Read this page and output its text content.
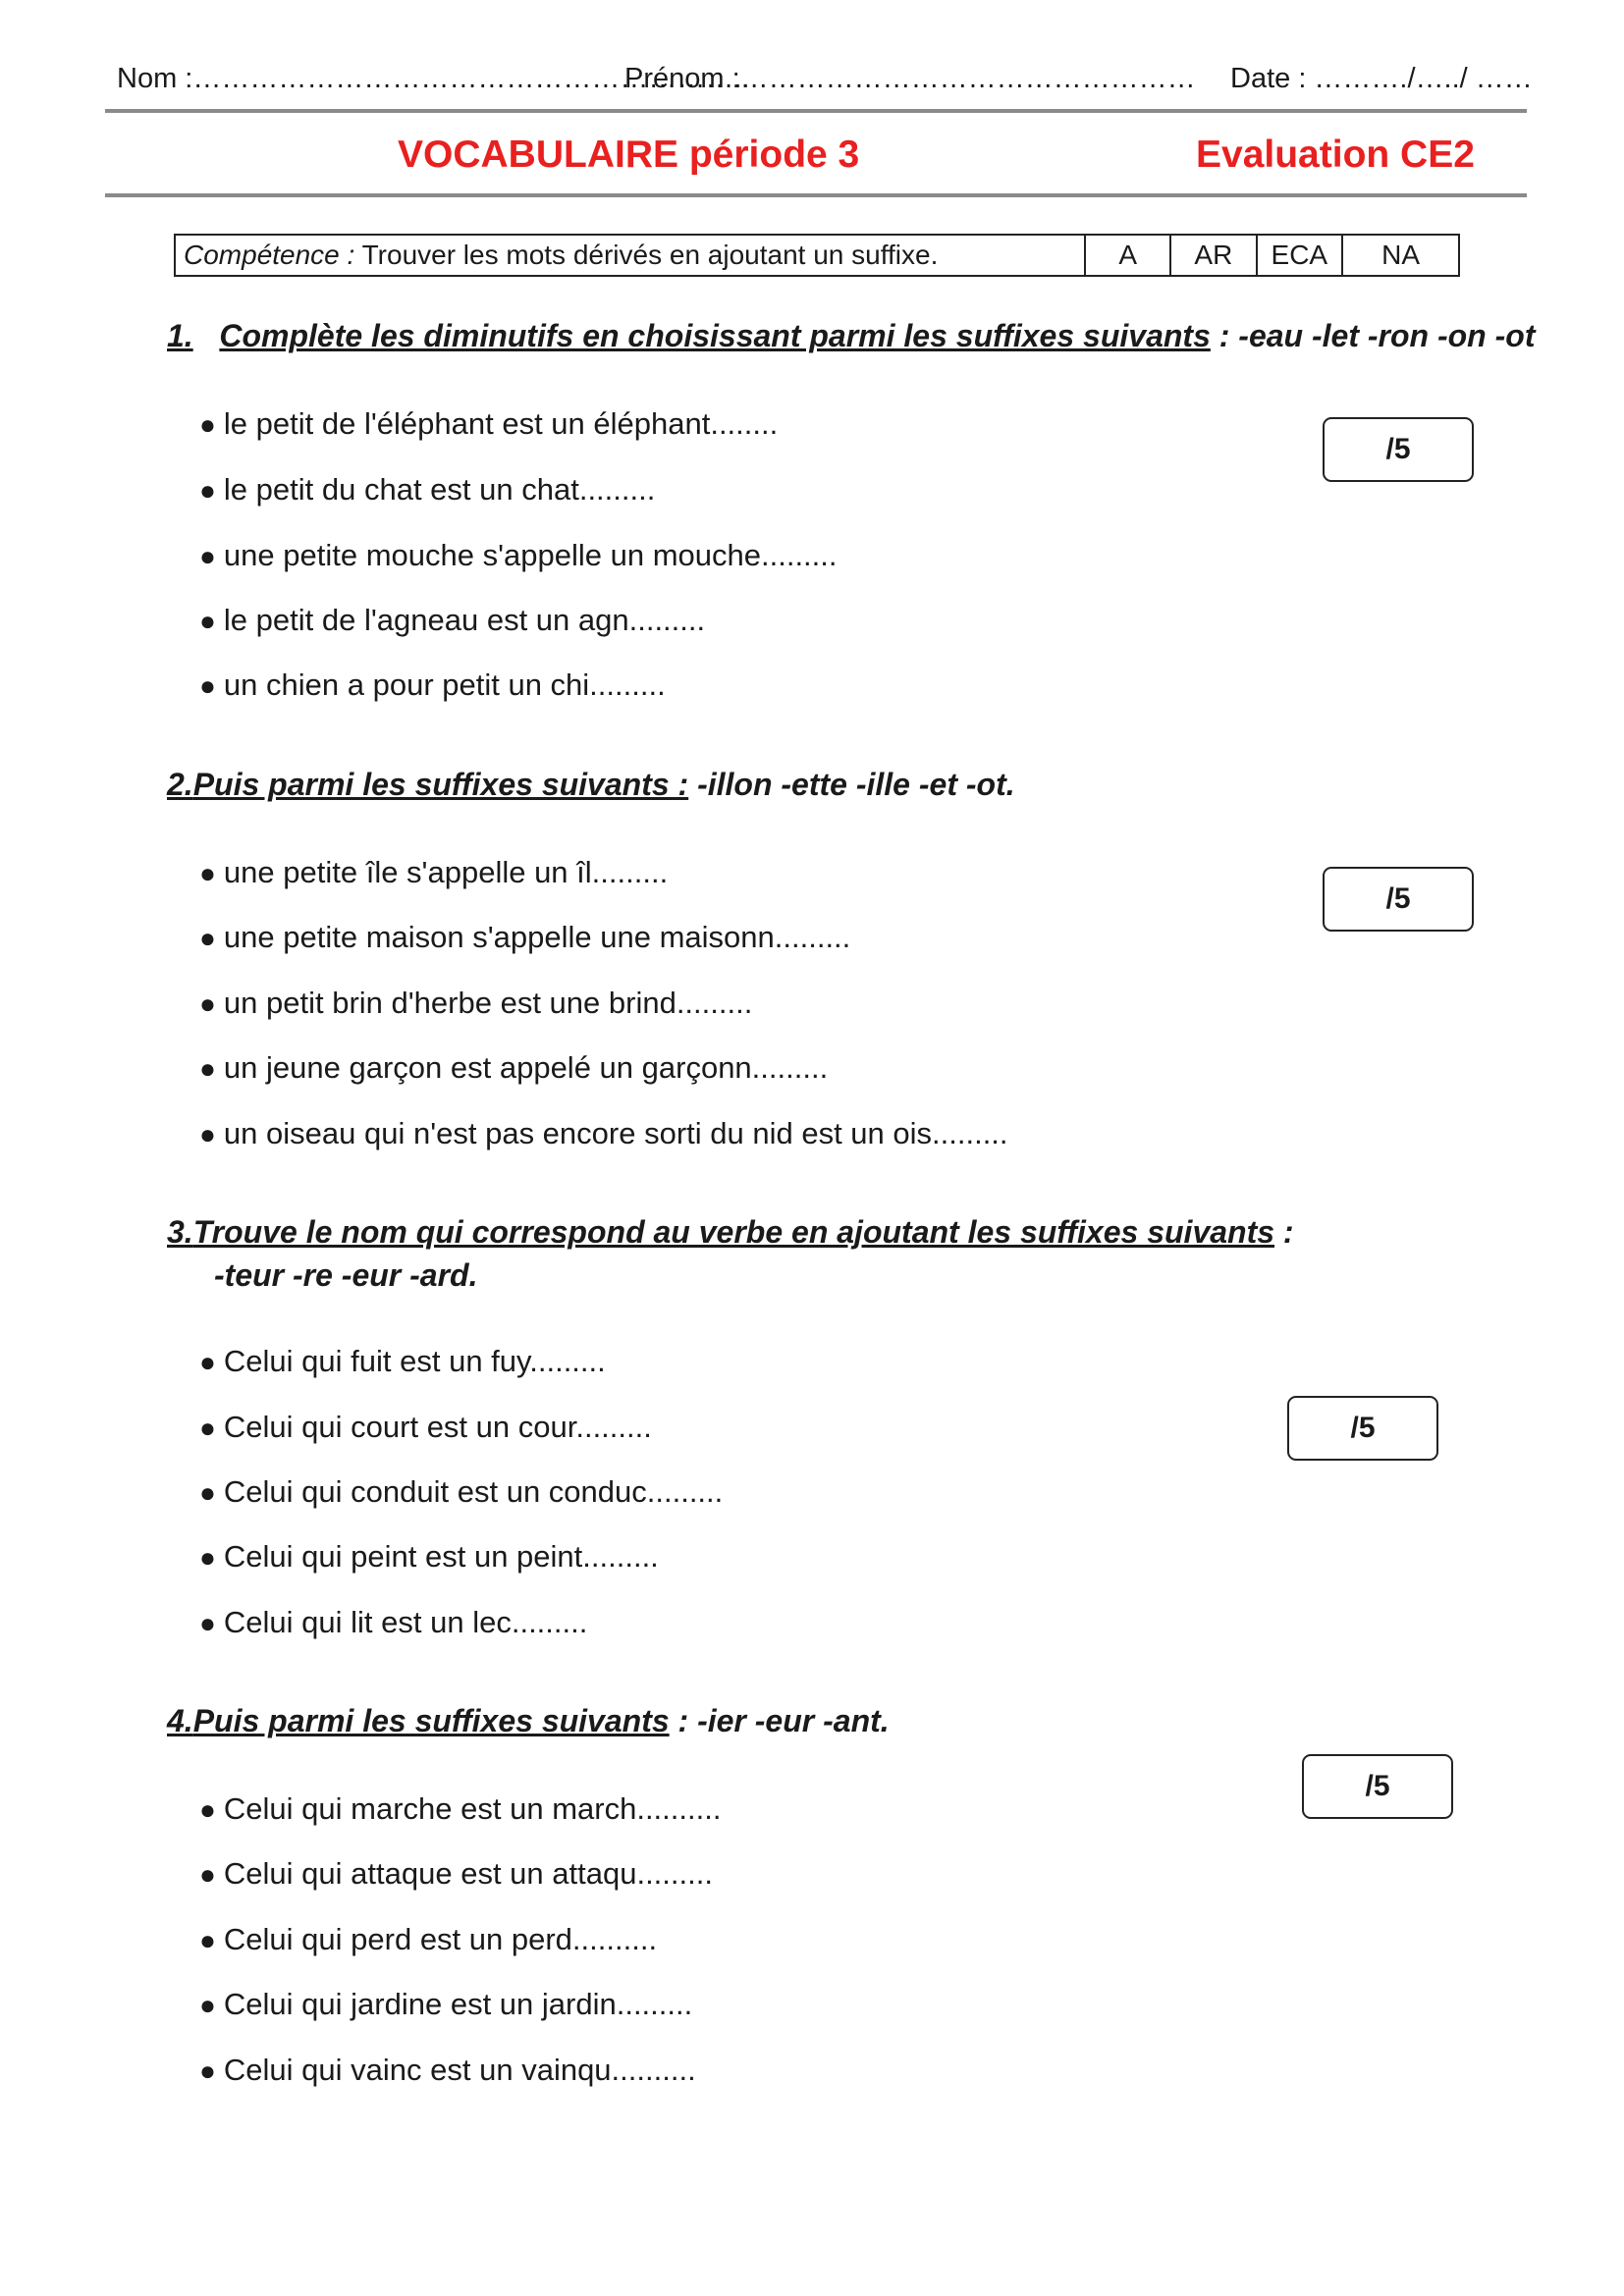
Nom :…………………………………………………..
Prénom :………………………………………… Date : ………./…../ ……
VOCABULAIRE période 3	Evaluation CE2
Compétence : Trouver les mots dérivés en ajoutant un suffixe.	A	AR	ECA	NA
1. Complète les diminutifs en choisissant parmi les suffixes suivants : -eau -let -ron -on -ot
/5
● le petit de l'éléphant est un éléphant........
● le petit du chat est un chat.........
● une petite mouche s'appelle un mouche.........
● le petit de l'agneau est un agn.........
● un chien a pour petit un chi.........
2.Puis parmi les suffixes suivants : -illon -ette -ille -et -ot.
/5
● une petite île s'appelle un îl.........
● une petite maison s'appelle une maisonn.........
● un petit brin d'herbe est une brind.........
● un jeune garçon est appelé un garçonn.........
● un oiseau qui n'est pas encore sorti du nid est un ois.........
3.Trouve le nom qui correspond au verbe en ajoutant les suffixes suivants :
-teur -re -eur -ard.
/5
● Celui qui fuit est un fuy.........
● Celui qui court est un cour.........
● Celui qui conduit est un conduc.........
● Celui qui peint est un peint.........
● Celui qui lit est un lec.........
4.Puis parmi les suffixes suivants : -ier -eur -ant.
/5
● Celui qui marche est un march..........
● Celui qui attaque est un attaqu.........
● Celui qui perd est un perd..........
● Celui qui jardine est un jardin.........
● Celui qui vainc est un vainqu..........
